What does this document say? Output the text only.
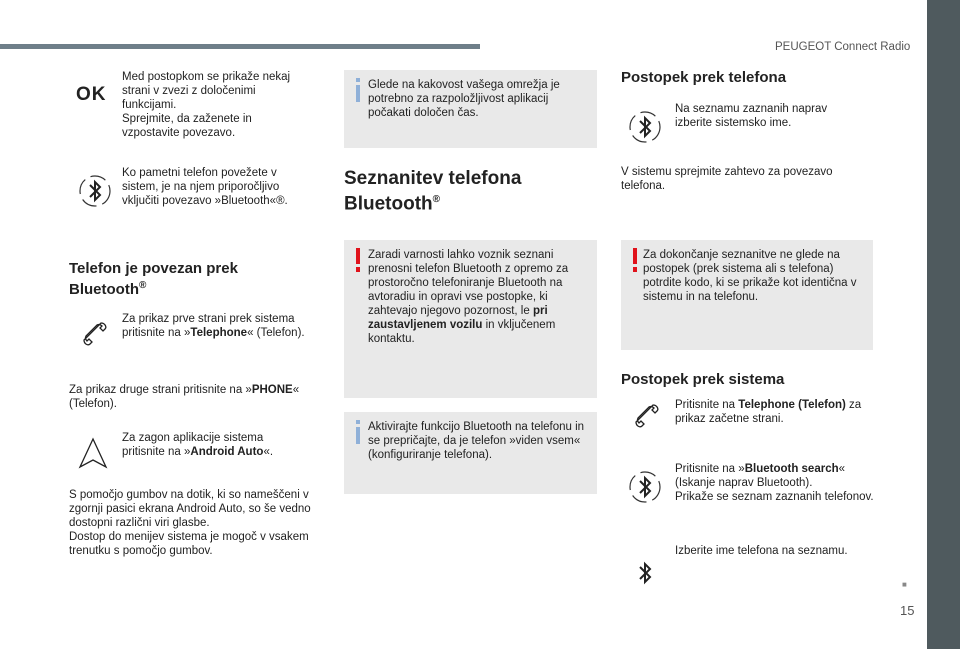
PEUGEOT Connect Radio
■
15
OK
Med postopkom se prikaže nekaj strani v zvezi z določenimi funkcijami.
Sprejmite, da zaženete in vzpostavite povezavo.
Ko pametni telefon povežete v sistem, je na njem priporočljivo vključiti povezavo »Bluetooth«®.
Telefon je povezan prek Bluetooth®
Za prikaz prve strani prek sistema pritisnite na »Telephone« (Telefon).
Za prikaz druge strani pritisnite na »PHONE« (Telefon).
Za zagon aplikacije sistema pritisnite na »Android Auto«.
S pomočjo gumbov na dotik, ki so nameščeni v zgornji pasici ekrana Android Auto, so še vedno dostopni različni viri glasbe.
Dostop do menijev sistema je mogoč v vsakem trenutku s pomočjo gumbov.
Glede na kakovost vašega omrežja je potrebno za razpoložljivost aplikacij počakati določen čas.
Seznanitev telefona Bluetooth®
Zaradi varnosti lahko voznik seznani prenosni telefon Bluetooth z opremo za prostoročno telefoniranje Bluetooth na avtoradiu in opravi vse postopke, ki zahtevajo njegovo pozornost, le pri zaustavljenem vozilu in vključenem kontaktu.
Aktivirajte funkcijo Bluetooth na telefonu in se prepričajte, da je telefon »viden vsem« (konfiguriranje telefona).
Postopek prek telefona
Na seznamu zaznanih naprav izberite sistemsko ime.
V sistemu sprejmite zahtevo za povezavo telefona.
Za dokončanje seznanitve ne glede na postopek (prek sistema ali s telefona) potrdite kodo, ki se prikaže kot identična v sistemu in na telefonu.
Postopek prek sistema
Pritisnite na Telephone (Telefon) za prikaz začetne strani.
Pritisnite na »Bluetooth search« (Iskanje naprav Bluetooth).
Prikaže se seznam zaznanih telefonov.
Izberite ime telefona na seznamu.
